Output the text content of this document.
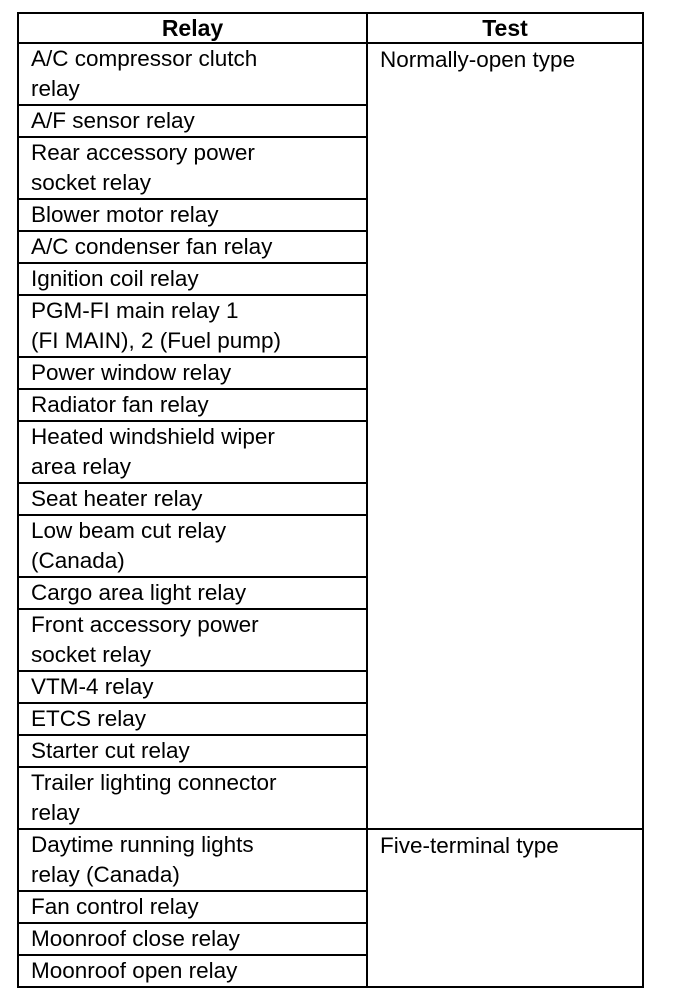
Relay	Test
A/C compressor clutch
relay	Normally-open type
A/F sensor relay	
Rear accessory power
socket relay	
Blower motor relay	
A/C condenser fan relay	
Ignition coil relay	
PGM-FI main relay 1
(FI MAIN), 2 (Fuel pump)	
Power window relay	
Radiator fan relay	
Heated windshield wiper
area relay	
Seat heater relay	
Low beam cut relay
(Canada)	
Cargo area light relay	
Front accessory power
socket relay	
VTM-4 relay	
ETCS relay	
Starter cut relay	
Trailer lighting connector
relay	
Daytime running lights
relay (Canada)	Five-terminal type
Fan control relay	
Moonroof close relay	
Moonroof open relay	
